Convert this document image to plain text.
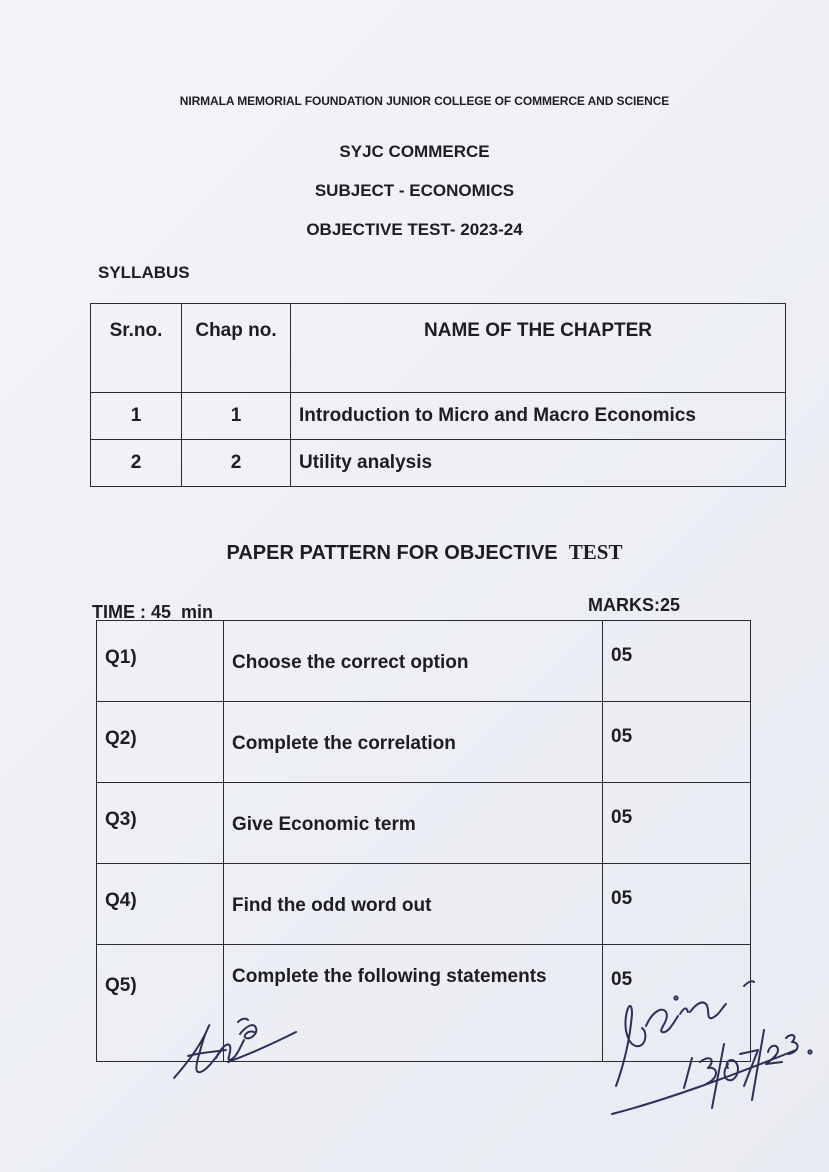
NIRMALA MEMORIAL FOUNDATION JUNIOR COLLEGE OF COMMERCE AND SCIENCE
SYJC COMMERCE
SUBJECT - ECONOMICS
OBJECTIVE TEST- 2023-24
SYLLABUS
Sr.no.	Chap no.	NAME OF THE CHAPTER
1	1	Introduction to Micro and Macro Economics
2	2	Utility analysis
PAPER PATTERN FOR OBJECTIVE TEST
TIME : 45  min	MARKS:25
Q1)	Choose the correct option	05
Q2)	Complete the correlation	05
Q3)	Give Economic term	05
Q4)	Find the odd word out	05
Q5)	Complete the following statements	05
